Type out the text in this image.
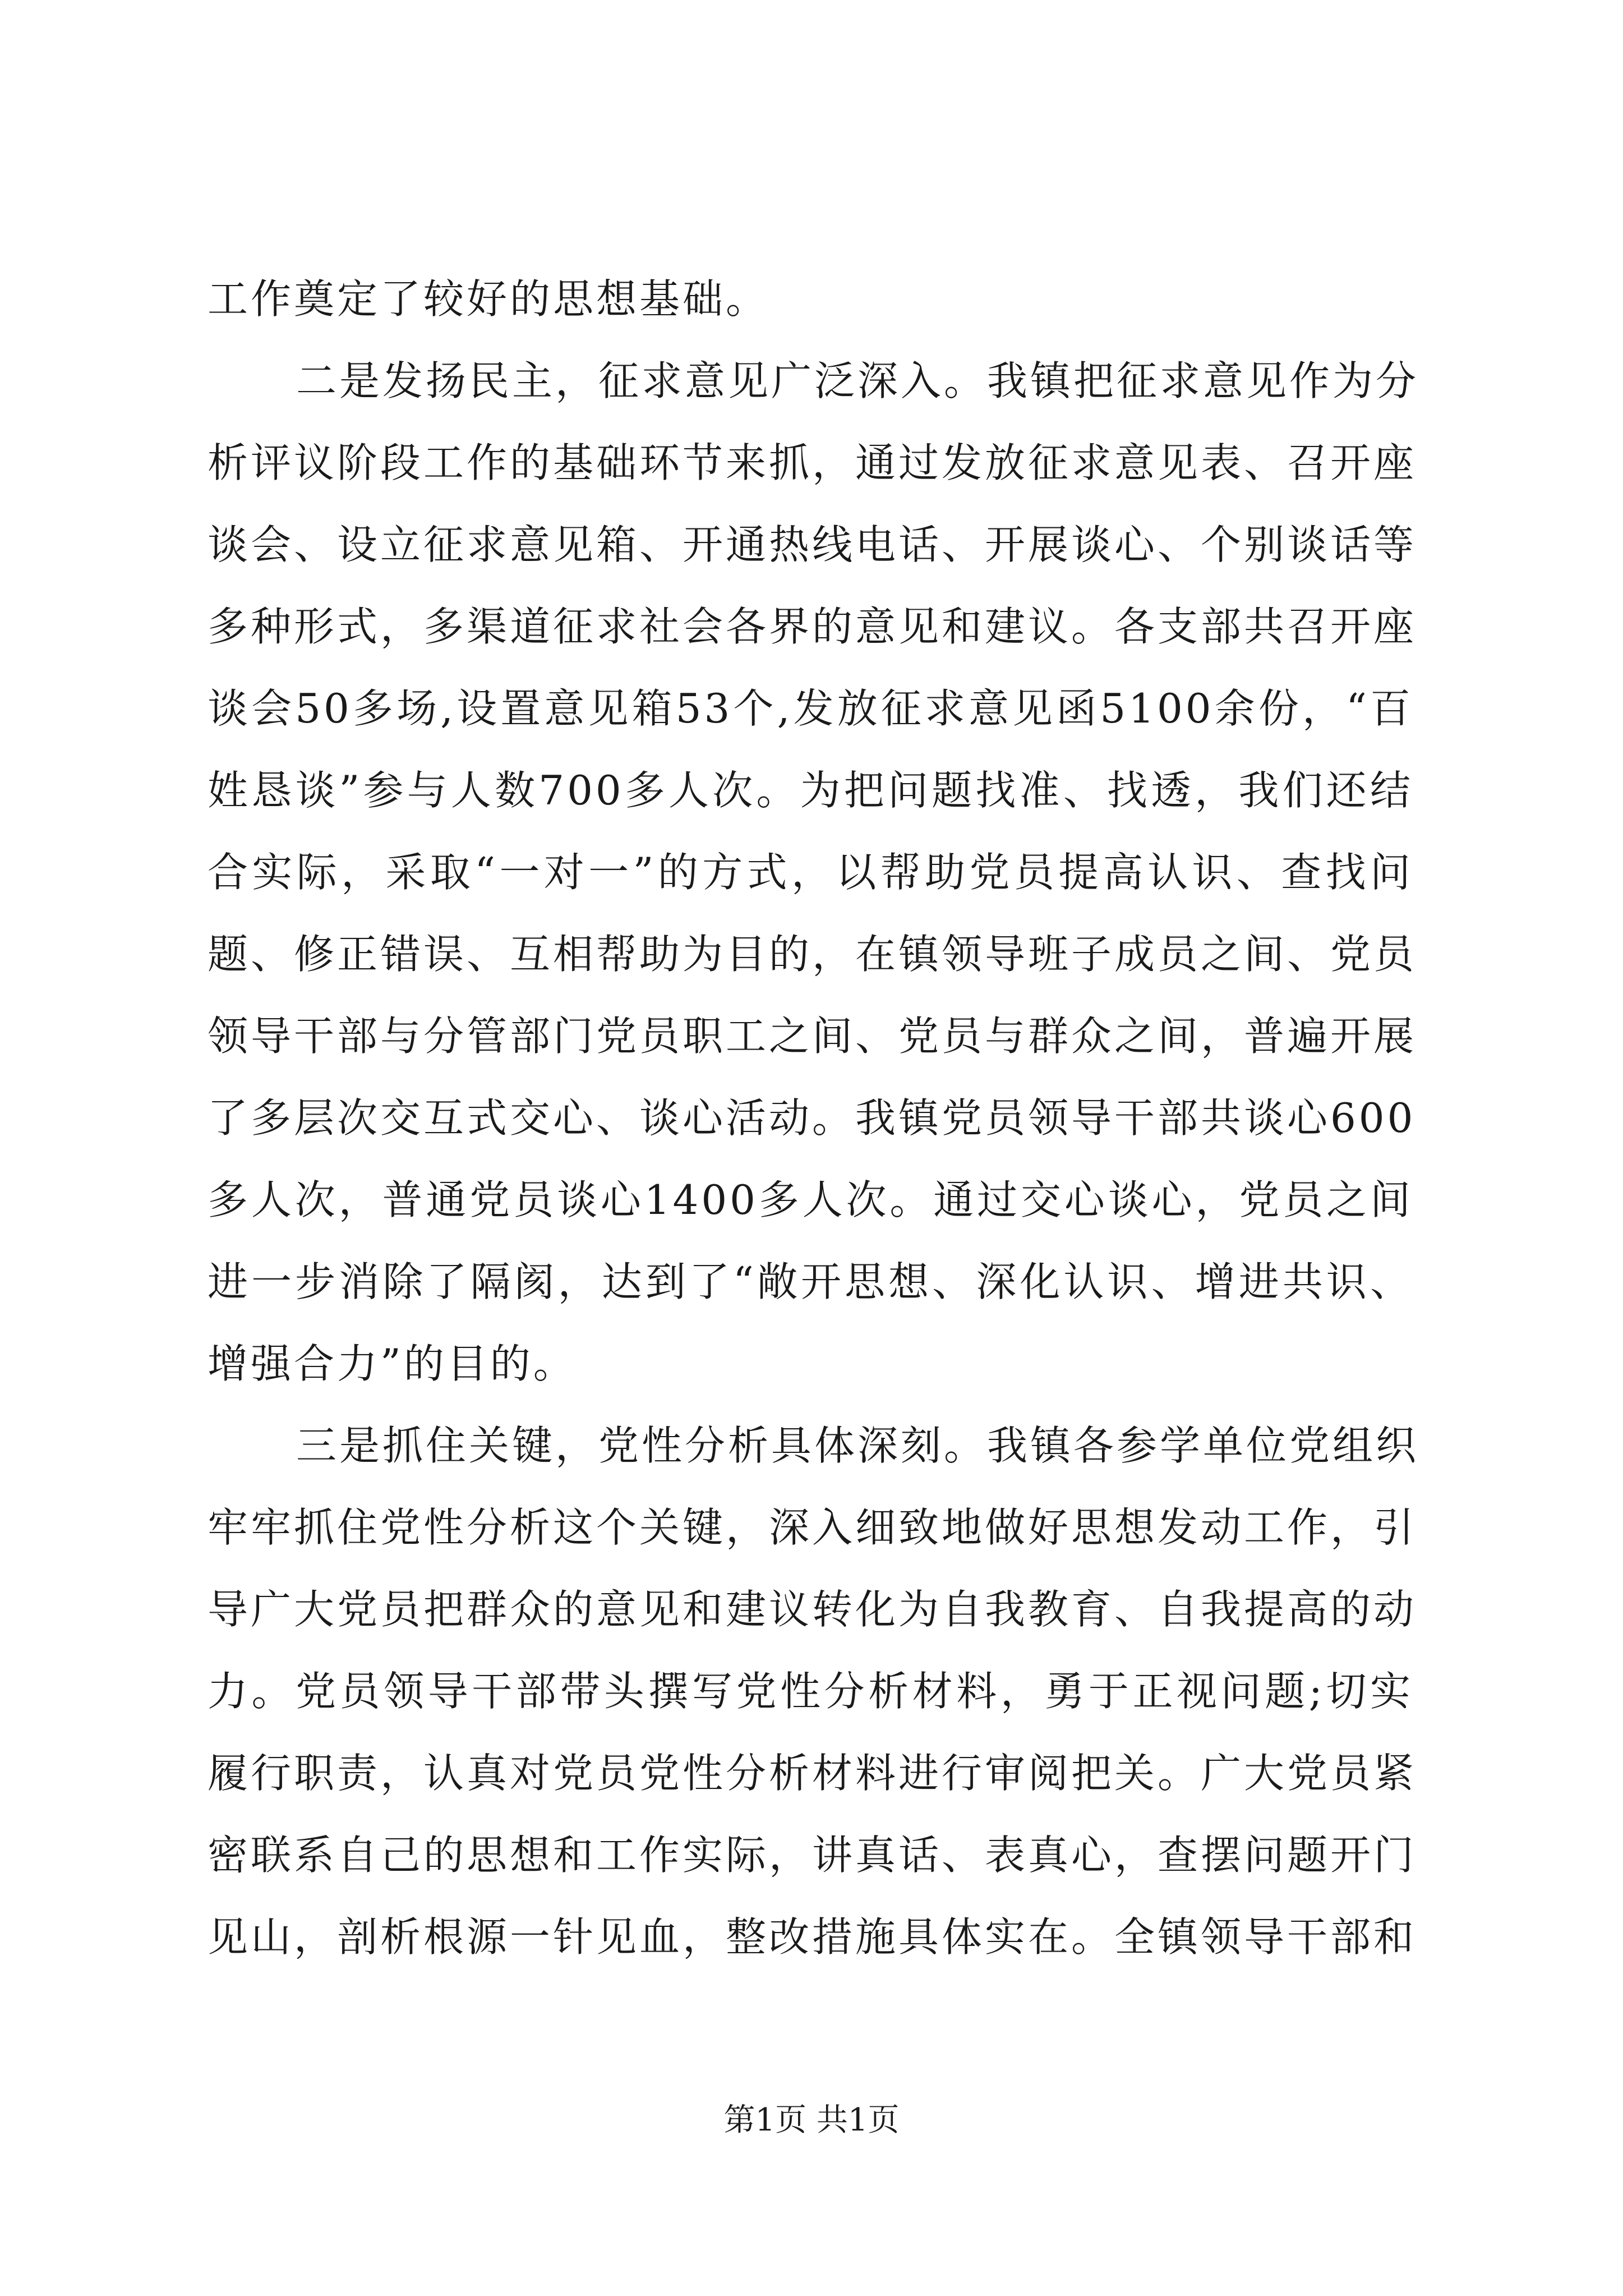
工作奠定了较好的思想基础。
二是发扬民主，征求意见广泛深入。我镇把征求意见作为分
析评议阶段工作的基础环节来抓，通过发放征求意见表、召开座
谈会、设立征求意见箱、开通热线电话、开展谈心、个别谈话等
多种形式，多渠道征求社会各界的意见和建议。各支部共召开座
谈会50多场,设置意见箱53个,发放征求意见函5100余份，“百
姓恳谈”参与人数700多人次。为把问题找准、找透，我们还结
合实际，采取“一对一”的方式，以帮助党员提高认识、查找问
题、修正错误、互相帮助为目的，在镇领导班子成员之间、党员
领导干部与分管部门党员职工之间、党员与群众之间，普遍开展
了多层次交互式交心、谈心活动。我镇党员领导干部共谈心600
多人次，普通党员谈心1400多人次。通过交心谈心，党员之间
进一步消除了隔阂，达到了“敞开思想、深化认识、增进共识、
增强合力”的目的。
三是抓住关键，党性分析具体深刻。我镇各参学单位党组织
牢牢抓住党性分析这个关键，深入细致地做好思想发动工作，引
导广大党员把群众的意见和建议转化为自我教育、自我提高的动
力。党员领导干部带头撰写党性分析材料，勇于正视问题;切实
履行职责，认真对党员党性分析材料进行审阅把关。广大党员紧
密联系自己的思想和工作实际，讲真话、表真心，查摆问题开门
见山，剖析根源一针见血，整改措施具体实在。全镇领导干部和
第1页 共1页
